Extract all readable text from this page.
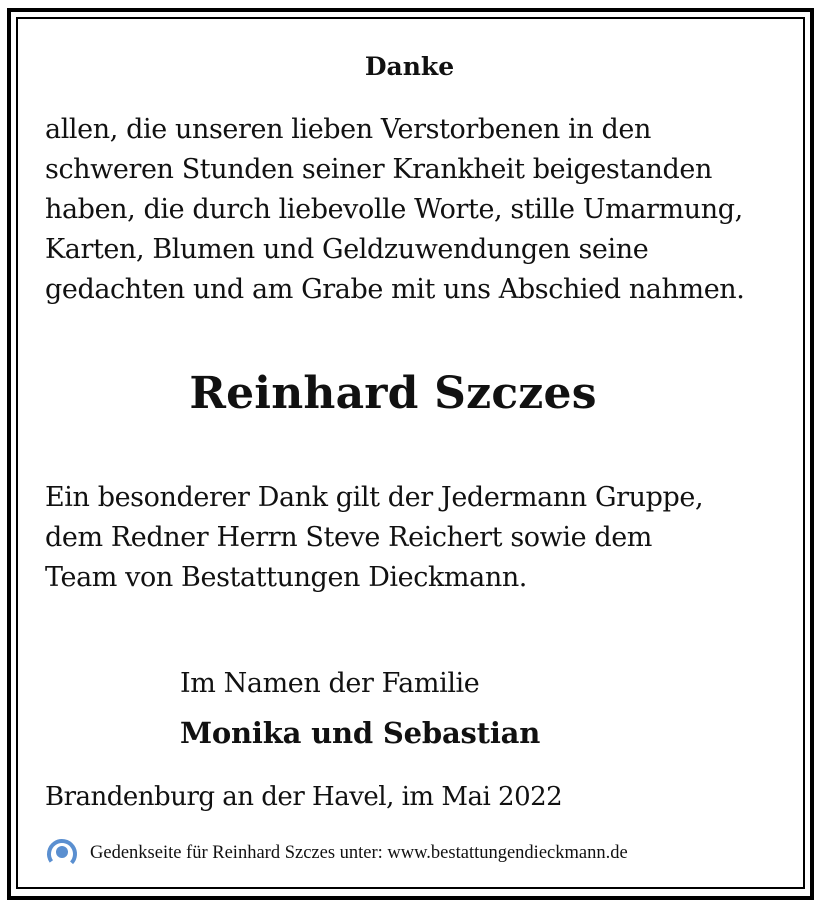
Danke
allen, die unseren lieben Verstorbenen in den
schweren Stunden seiner Krankheit beigestanden
haben, die durch liebevolle Worte, stille Umarmung,
Karten, Blumen und Geldzuwendungen seine
gedachten und am Grabe mit uns Abschied nahmen.
Reinhard Szczes
Ein besonderer Dank gilt der Jedermann Gruppe,
dem Redner Herrn Steve Reichert sowie dem
Team von Bestattungen Dieckmann.
Im Namen der Familie
Monika und Sebastian
Brandenburg an der Havel, im Mai 2022
Gedenkseite für Reinhard Szczes unter: www.bestattungendieckmann.de
